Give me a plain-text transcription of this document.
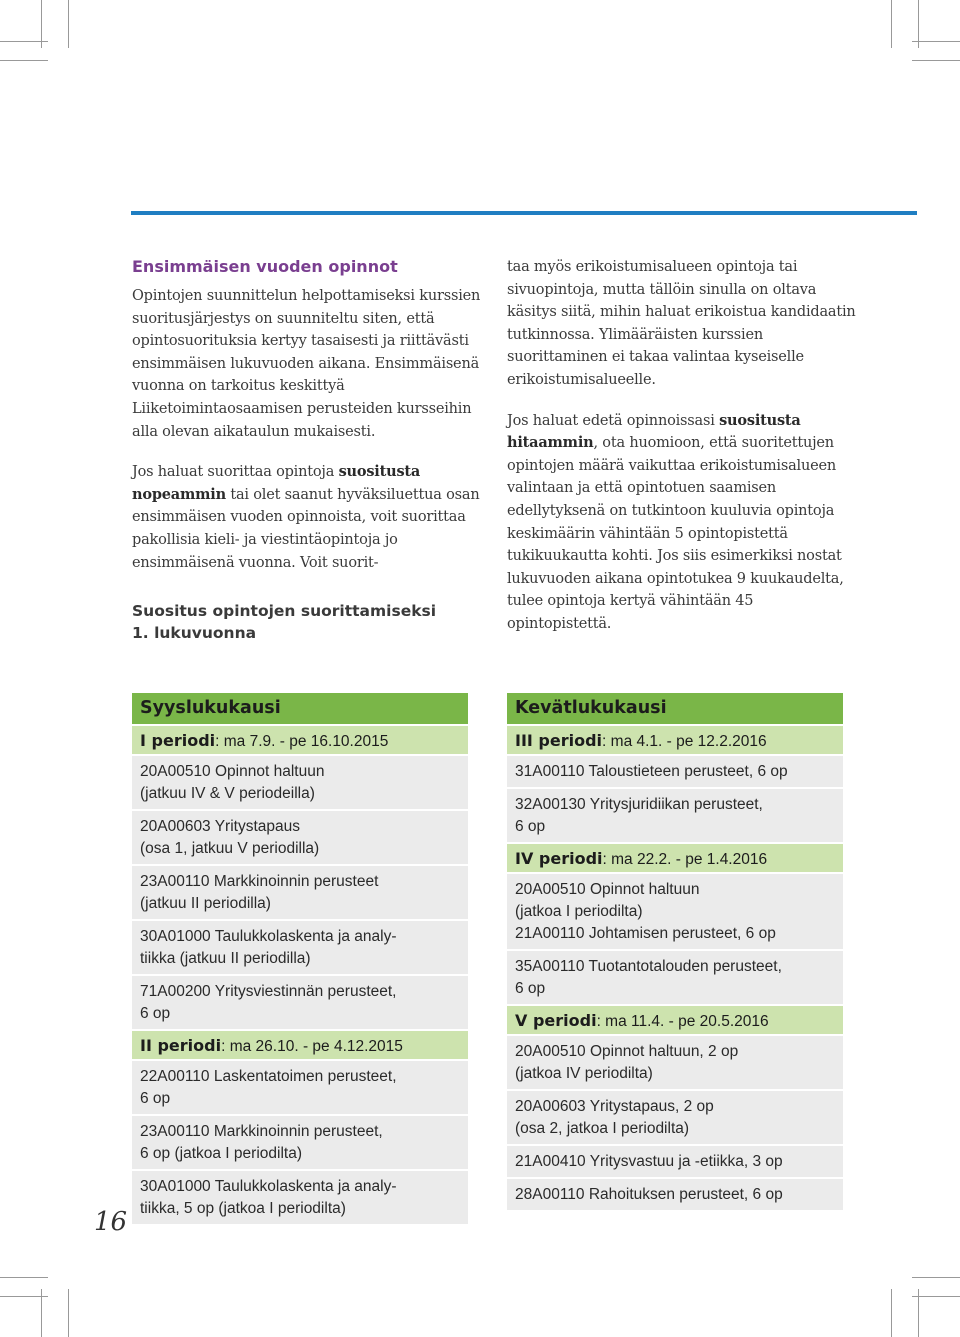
Ensimmäisen vuoden opinnot

Opintojen suunnittelun helpottamiseksi kurssien suoritusjärjestys on suunniteltu siten, että opintosuorituksia kertyy tasaisesti ja riittävästi ensimmäisen lukuvuoden aikana. Ensimmäisenä vuonna on tarkoitus keskittyä Liiketoimintaosaamisen perusteiden kursseihin alla olevan aikataulun mukaisesti.

Jos haluat suorittaa opintoja suositusta nopeammin tai olet saanut hyväksiluettua osan ensimmäisen vuoden opinnoista, voit suorittaa pakollisia kieli- ja viestintäopintoja jo ensimmäisenä vuonna. Voit suorit-

Suositus opintojen suorittamiseksi
1. lukuvuonna

taa myös erikoistumisalueen opintoja tai sivuopintoja, mutta tällöin sinulla on oltava käsitys siitä, mihin haluat erikoistua kandidaatin tutkinnossa. Ylimääräisten kurssien suorittaminen ei takaa valintaa kyseiselle erikoistumisalueelle.

Jos haluat edetä opinnoissasi suositusta hitaammin, ota huomioon, että suoritettujen opintojen määrä vaikuttaa erikoistumisalueen valintaan ja että opintotuen saamisen edellytyksenä on tutkintoon kuuluvia opintoja keskimäärin vähintään 5 opintopistettä tukikuukautta kohti. Jos siis esimerkiksi nostat lukuvuoden aikana opintotukea 9 kuukaudelta, tulee opintoja kertyä vähintään 45 opintopistettä.

Syyslukukausi
I periodi: ma 7.9. - pe 16.10.2015
20A00510 Opinnot haltuun
(jatkuu IV & V periodeilla)
20A00603 Yritystapaus
(osa 1, jatkuu V periodilla)
23A00110 Markkinoinnin perusteet
(jatkuu II periodilla)
30A01000 Taulukkolaskenta ja analy-
tiikka (jatkuu II periodilla)
71A00200 Yritysviestinnän perusteet,
6 op
II periodi: ma 26.10. - pe 4.12.2015
22A00110 Laskentatoimen perusteet,
6 op
23A00110 Markkinoinnin perusteet,
6 op (jatkoa I periodilta)
30A01000 Taulukkolaskenta ja analy-
tiikka, 5 op (jatkoa I periodilta)
Kevätlukukausi
III periodi: ma 4.1. - pe 12.2.2016
31A00110 Taloustieteen perusteet, 6 op
32A00130 Yritysjuridiikan perusteet,
6 op
IV periodi: ma 22.2. - pe 1.4.2016
20A00510 Opinnot haltuun
(jatkoa I periodilta)
21A00110 Johtamisen perusteet, 6 op
35A00110 Tuotantotalouden perusteet,
6 op
V periodi: ma 11.4. - pe 20.5.2016
20A00510 Opinnot haltuun, 2 op
(jatkoa IV periodilta)
20A00603 Yritystapaus, 2 op
(osa 2, jatkoa I periodilta)
21A00410 Yritysvastuu ja -etiikka, 3 op
28A00110 Rahoituksen perusteet, 6 op
16
